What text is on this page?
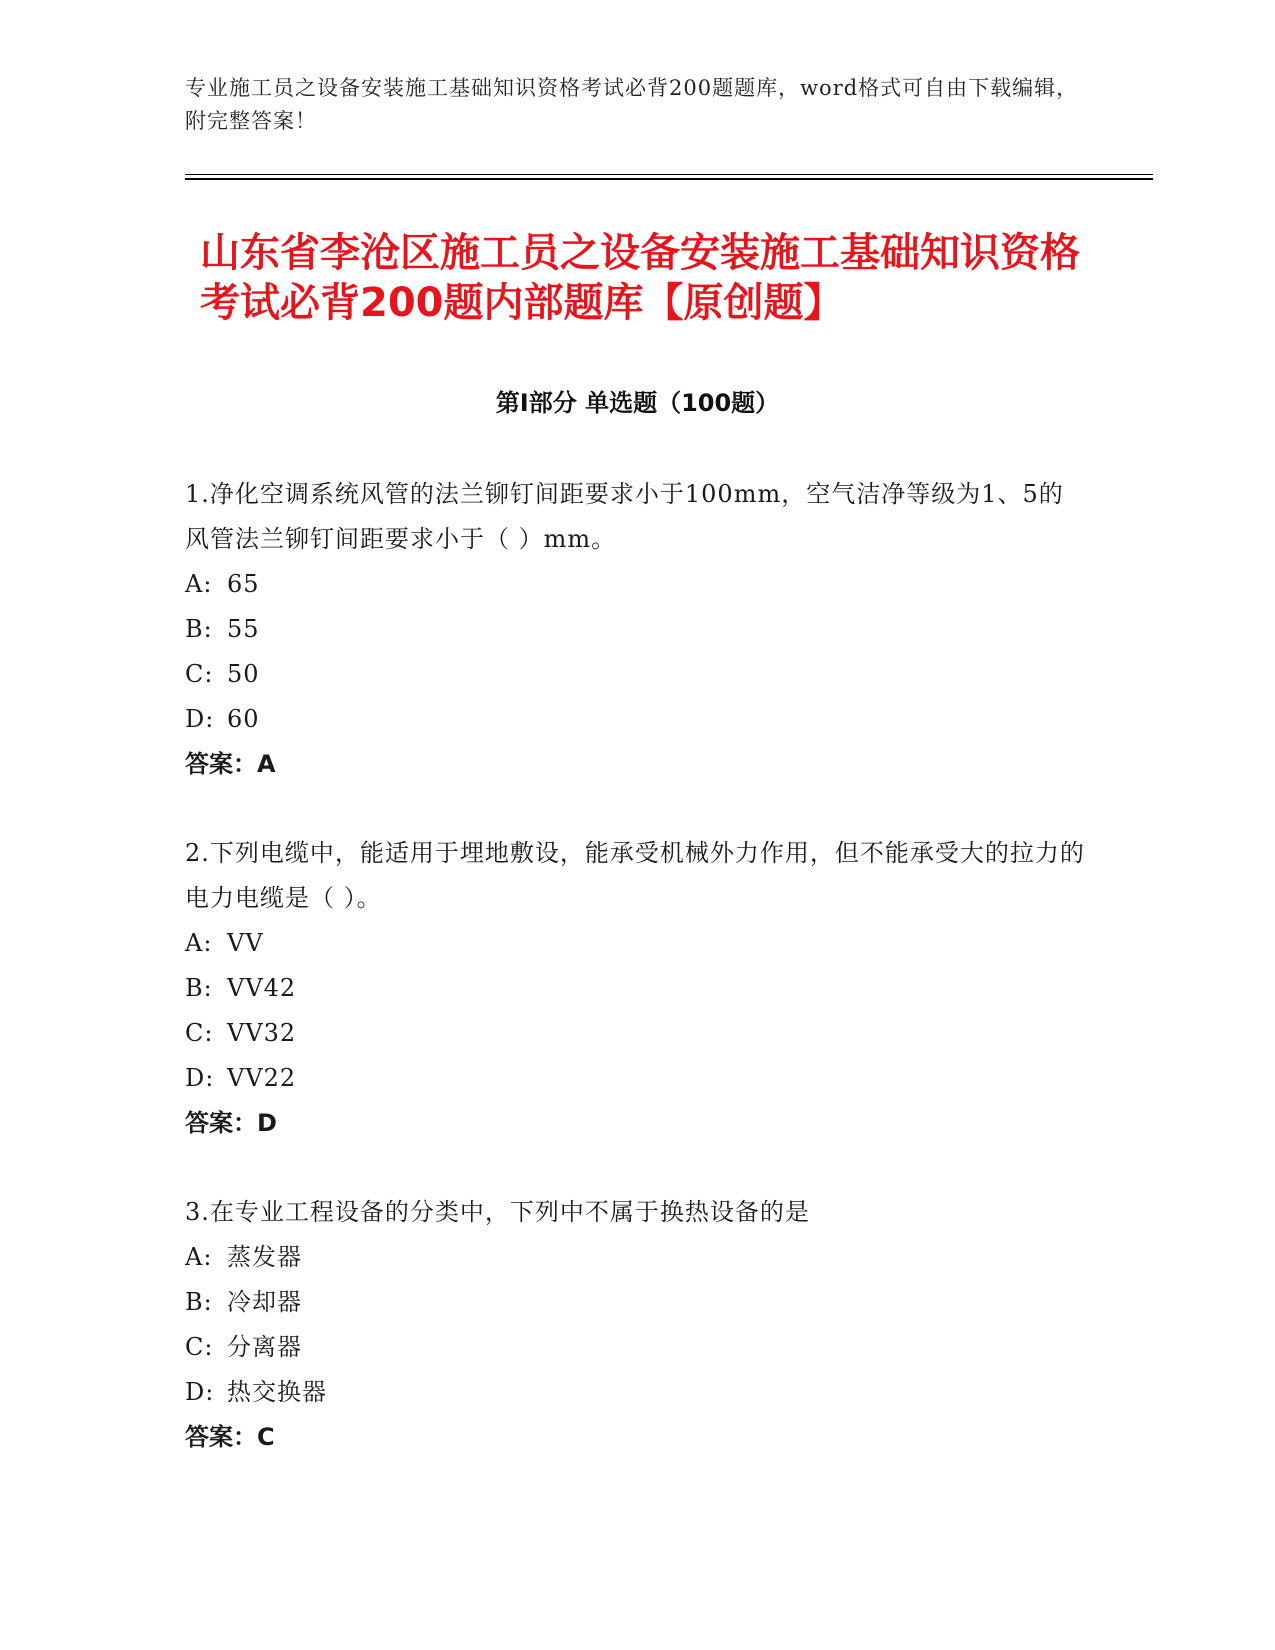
专业施工员之设备安装施工基础知识资格考试必背200题题库，word格式可自由下载编辑，附完整答案！
山东省李沧区施工员之设备安装施工基础知识资格考试必背200题内部题库【原创题】
第Ⅰ部分 单选题（100题）

1.净化空调系统风管的法兰铆钉间距要求小于100mm，空气洁净等级为1、5的风管法兰铆钉间距要求小于（ ）mm。

A: 65

B: 55

C: 50

D: 60

答案：A

2.下列电缆中，能适用于埋地敷设，能承受机械外力作用，但不能承受大的拉力的电力电缆是（ ）。

A: VV

B: VV42

C: VV32

D: VV22

答案：D

3.在专业工程设备的分类中，下列中不属于换热设备的是

A: 蒸发器

B: 冷却器

C: 分离器

D: 热交换器

答案：C
